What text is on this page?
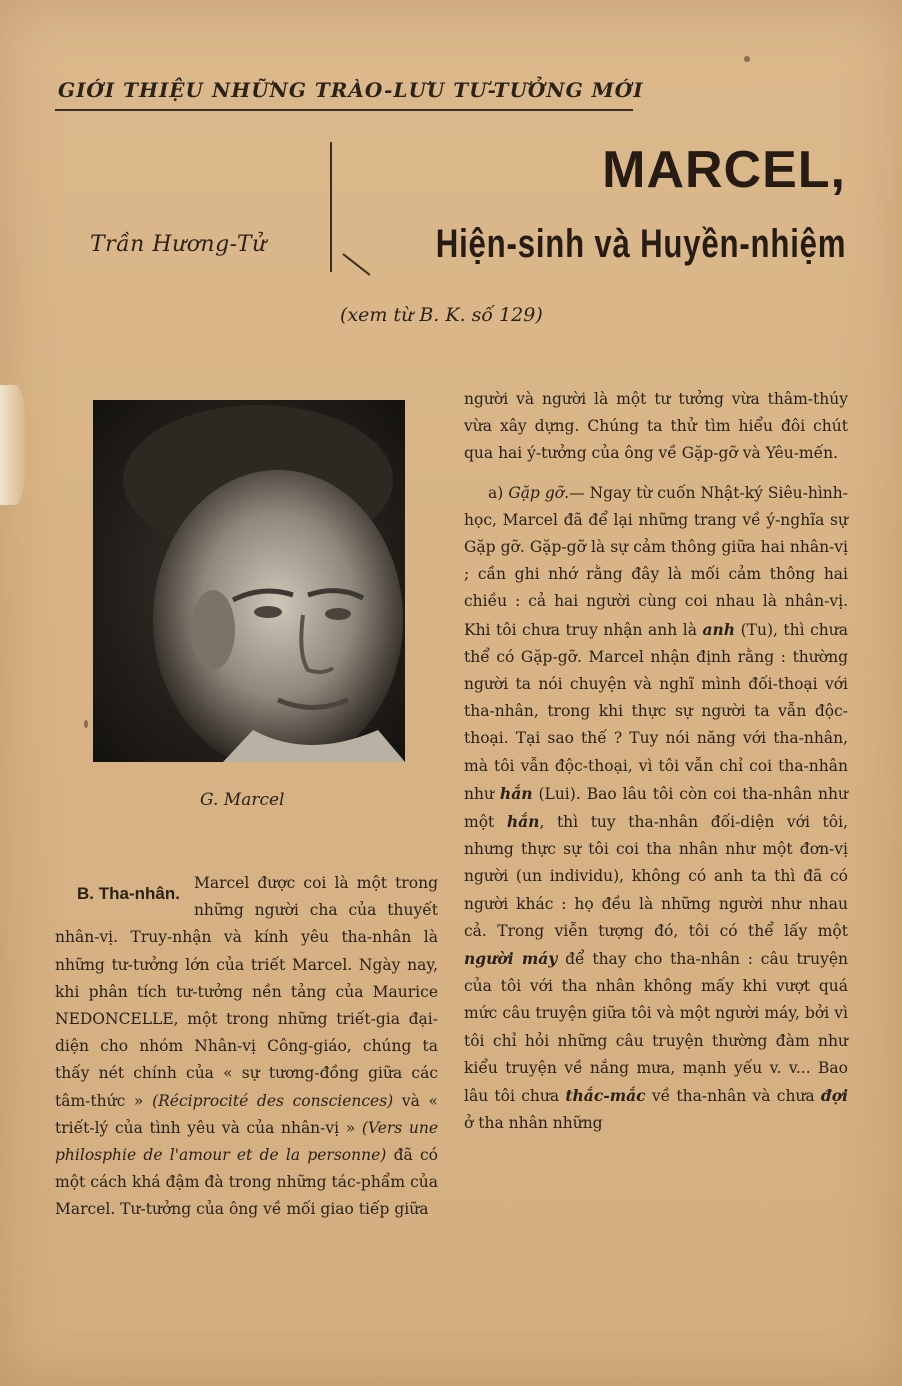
GIỚI THIỆU NHỮNG TRÀO-LƯU TƯ-TƯỞNG MỚI
Trần Hương-Tử
MARCEL,
Hiện-sinh và Huyền-nhiệm
(xem từ B. K. số 129)
G. Marcel
B. Tha-nhân.

Marcel được coi là một trong những người cha của thuyết nhân-vị. Truy-nhận và kính yêu tha-nhân là những tư-tưởng lớn của triết Marcel. Ngày nay, khi phân tích tư-tưởng nền tảng của Maurice NEDONCELLE, một trong những triết-gia đại-diện cho nhóm Nhân-vị Công-giáo, chúng ta thấy nét chính của « sự tương-đồng giữa các tâm-thức » (Réciprocité des consciences) và « triết-lý của tình yêu và của nhân-vị » (Vers une philosphie de l'amour et de la personne) đã có một cách khá đậm đà trong những tác-phẩm của Marcel. Tư-tưởng của ông về mối giao tiếp giữa

người và người là một tư tưởng vừa thâm-thúy vừa xây dựng. Chúng ta thử tìm hiểu đôi chút qua hai ý-tưởng của ông về Gặp-gỡ và Yêu-mến.

a) Gặp gỡ.— Ngay từ cuốn Nhật-ký Siêu-hình-học, Marcel đã để lại những trang về ý-nghĩa sự Gặp gỡ. Gặp-gỡ là sự cảm thông giữa hai nhân-vị ; cần ghi nhớ rằng đây là mối cảm thông hai chiều : cả hai người cùng coi nhau là nhân-vị. Khi tôi chưa truy nhận anh là anh (Tu), thì chưa thể có Gặp-gỡ. Marcel nhận định rằng : thường người ta nói chuyện và nghĩ mình đối-thoại với tha-nhân, trong khi thực sự người ta vẫn độc-thoại. Tại sao thế ? Tuy nói năng với tha-nhân, mà tôi vẫn độc-thoại, vì tôi vẫn chỉ coi tha-nhân như hắn (Lui). Bao lâu tôi còn coi tha-nhân như một hắn, thì tuy tha-nhân đối-diện với tôi, nhưng thực sự tôi coi tha nhân như một đơn-vị người (un individu), không có anh ta thì đã có người khác : họ đều là những người như nhau cả. Trong viễn tượng đó, tôi có thể lấy một người máy để thay cho tha-nhân : câu truyện của tôi với tha nhân không mấy khi vượt quá mức câu truyện giữa tôi và một người máy, bởi vì tôi chỉ hỏi những câu truyện thường đàm như kiểu truyện về nắng mưa, mạnh yếu v. v... Bao lâu tôi chưa thắc-mắc về tha-nhân và chưa đợi ở tha nhân những
